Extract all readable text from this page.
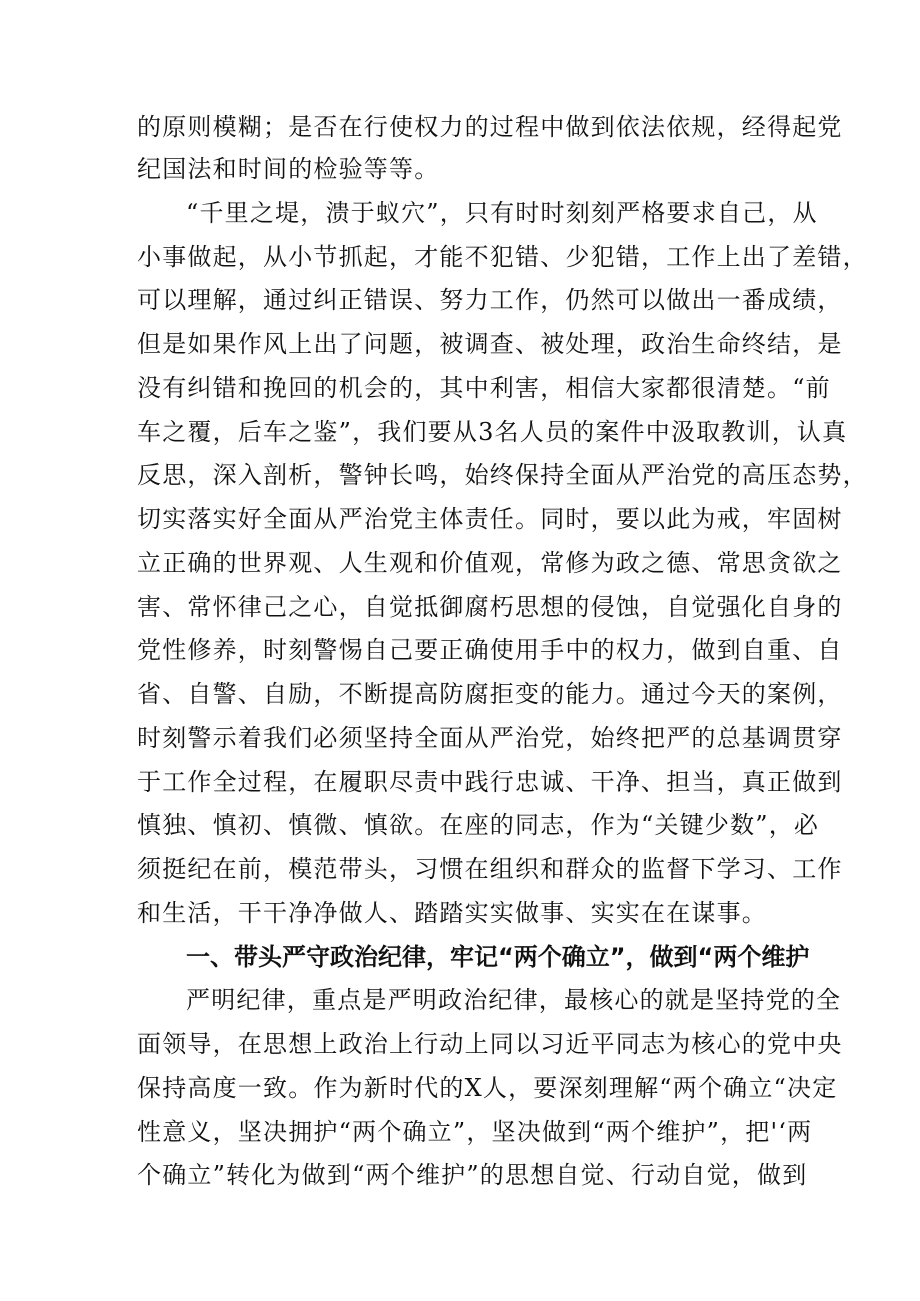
的原则模糊；是否在行使权力的过程中做到依法依规，经得起党
纪国法和时间的检验等等。
“千里之堤，溃于蚁穴”，只有时时刻刻严格要求自己，从
小事做起，从小节抓起，才能不犯错、少犯错，工作上出了差错，
可以理解，通过纠正错误、努力工作，仍然可以做出一番成绩，
但是如果作风上出了问题，被调查、被处理，政治生命终结，是
没有纠错和挽回的机会的，其中利害，相信大家都很清楚。“前
车之覆，后车之鉴”，我们要从3名人员的案件中汲取教训，认真
反思，深入剖析，警钟长鸣，始终保持全面从严治党的高压态势，
切实落实好全面从严治党主体责任。同时，要以此为戒，牢固树
立正确的世界观、人生观和价值观，常修为政之德、常思贪欲之
害、常怀律己之心，自觉抵御腐朽思想的侵蚀，自觉强化自身的
党性修养，时刻警惕自己要正确使用手中的权力，做到自重、自
省、自警、自励，不断提高防腐拒变的能力。通过今天的案例，
时刻警示着我们必须坚持全面从严治党，始终把严的总基调贯穿
于工作全过程，在履职尽责中践行忠诚、干净、担当，真正做到
慎独、慎初、慎微、慎欲。在座的同志，作为“关键少数”，必
须挺纪在前，模范带头，习惯在组织和群众的监督下学习、工作
和生活，干干净净做人、踏踏实实做事、实实在在谋事。
一、带头严守政治纪律，牢记“两个确立”，做到“两个维护
严明纪律，重点是严明政治纪律，最核心的就是坚持党的全
面领导，在思想上政治上行动上同以习近平同志为核心的党中央
保持高度一致。作为新时代的X人，要深刻理解“两个确立“决定
性意义，坚决拥护“两个确立”，坚决做到“两个维护”，把'‘两
个确立”转化为做到“两个维护”的思想自觉、行动自觉，做到
